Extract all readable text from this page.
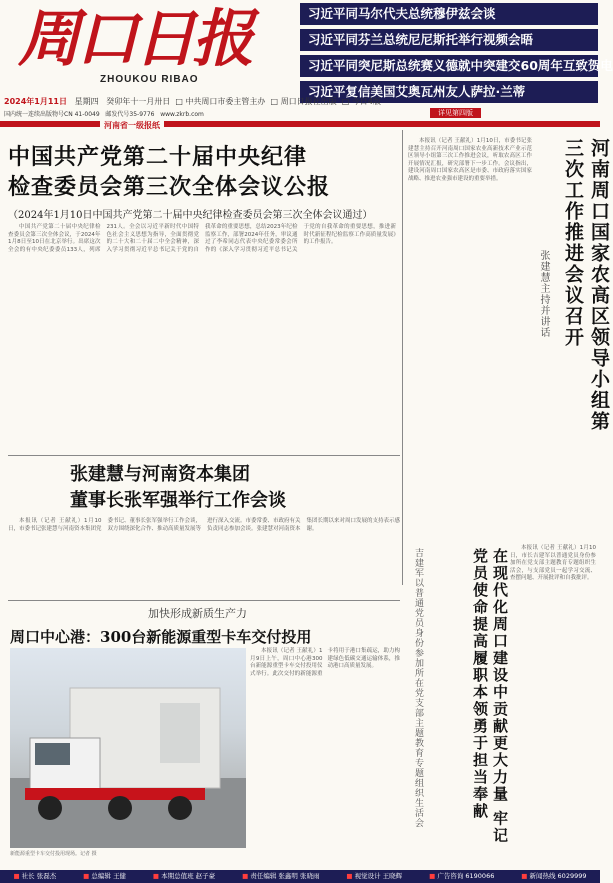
周口日报
ZHOUKOU RIBAO
习近平同马尔代夫总统穆伊兹会谈
习近平同芬兰总统尼尼斯托举行视频会晤
习近平同突尼斯总统赛义德就中突建交60周年互致贺电
习近平复信美国艾奥瓦州友人萨拉·兰蒂
2024年1月11日 星期四 癸卯年十一月卅日  □ 中共周口市委主管主办  □ 周口日报社出版  □ 今日4版
国内统一连续出版物号CN 41-0049 邮发代号35-9776 www.zkrb.com	详见第四版
河南省一级报纸
中国共产党第二十届中央纪律
检查委员会第三次全体会议公报
（2024年1月10日中国共产党第二十届中央纪律检查委员会第三次全体会议通过）

中国共产党第二十届中央纪律检查委员会第三次全体会议，于2024年1月8日至10日在北京举行。出席这次全会的有中央纪委委员133人，列席231人。全会以习近平新时代中国特色社会主义思想为指导，全面贯彻党的二十大和二十届二中全会精神，深入学习贯彻习近平总书记关于党的自我革命的重要思想，总结2023年纪检监察工作，部署2024年任务，审议通过了李希同志代表中央纪委常委会所作的《深入学习贯彻习近平总书记关于党的自我革命的重要思想，推进新时代新征程纪检监察工作高质量发展》的工作报告。	河南周口国家农高区领导小组第三次工作推进会议召开
张建慧主持并讲话

本报讯（记者 王献礼）1月10日，市委书记张建慧主持召开河南周口国家农业高新技术产业示范区领导小组第三次工作推进会议，听取农高区工作开展情况汇报，研究部署下一步工作。会议指出，建设河南周口国家农高区是市委、市政府落实国家战略、推进农业强市建设的重要举措。

张建慧与河南资本集团
董事长张军强举行工作会谈

本报讯（记者 王献礼）1月10日，市委书记张建慧与河南资本集团党委书记、董事长张军强举行工作会谈，双方围绕深化合作、推动高质量发展等进行深入交流。市委常委、市政府有关负责同志参加会谈。张建慧对河南资本集团长期以来对周口发展的支持表示感谢。

在现代化周口建设中贡献更大力量 牢记党员使命提高履职本领勇于担当奉献
吉建军以普通党员身份参加所在党支部主题教育专题组织生活会	本报讯（记者 王献礼）1月10日，市长吉建军以普通党员身份参加所在党支部主题教育专题组织生活会，与支部党员一起学习交流、查摆问题、开展批评和自我批评。

加快形成新质生产力
周口中心港：300台新能源重型卡车交付投用
新能源重型卡车交付投用现场。记者 摄

本报讯（记者 王献礼）1月9日上午，周口中心港300台新能源重型卡车交付投用仪式举行。此次交付的新能源重卡将用于港口集疏运，助力构建绿色低碳交通运输体系，推动港口高质量发展。

■ 社长 张磊杰	■ 总编辑 王健	■ 本期总值班 赵子豪	■ 责任编辑 张鑫明 张晓雨	■ 视觉设计 王晓辉	■ 广告咨询 6190066	■ 新闻热线 6029999
